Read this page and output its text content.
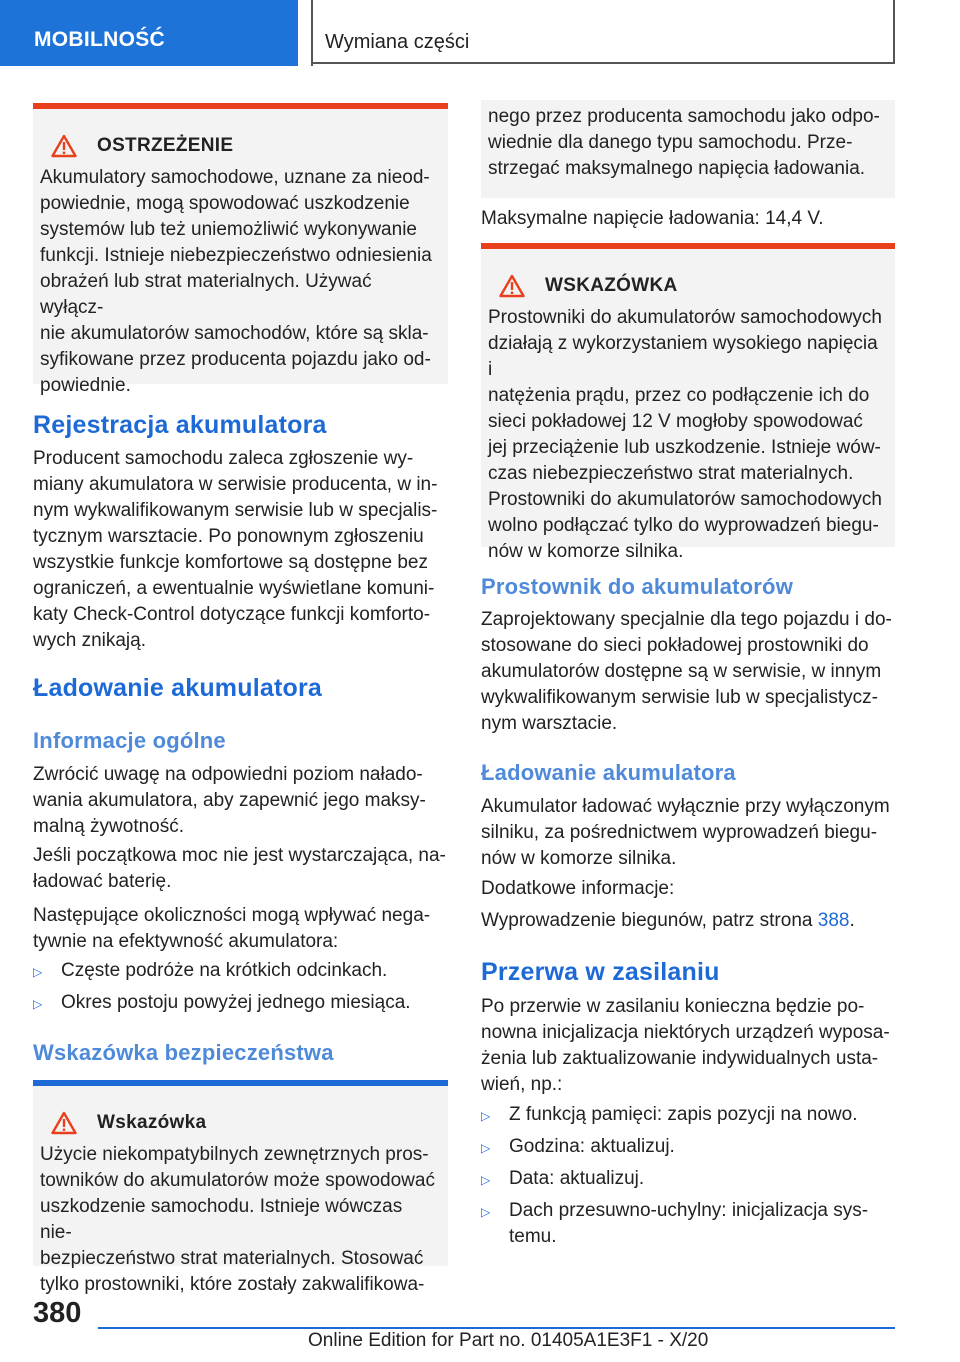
MOBILNOŚĆ	Wymiana części
OSTRZEŻENIE
Akumulatory samochodowe, uznane za nieod-
powiednie, mogą spowodować uszkodzenie
systemów lub też uniemożliwić wykonywanie
funkcji. Istnieje niebezpieczeństwo odniesienia
obrażeń lub strat materialnych. Używać wyłącz-
nie akumulatorów samochodów, które są skla-
syfikowane przez producenta pojazdu jako od-
powiednie.
Rejestracja akumulatora
Producent samochodu zaleca zgłoszenie wy-
miany akumulatora w serwisie producenta, w in-
nym wykwalifikowanym serwisie lub w specjalis-
tycznym warsztacie. Po ponownym zgłoszeniu
wszystkie funkcje komfortowe są dostępne bez
ograniczeń, a ewentualnie wyświetlane komuni-
katy Check-Control dotyczące funkcji komforto-
wych znikają.
Ładowanie akumulatora
Informacje ogólne
Zwrócić uwagę na odpowiedni poziom nałado-
wania akumulatora, aby zapewnić jego maksy-
malną żywotność.
Jeśli początkowa moc nie jest wystarczająca, na-
ładować baterię.
Następujące okoliczności mogą wpływać nega-
tywnie na efektywność akumulatora:
▷ Częste podróże na krótkich odcinkach.
▷ Okres postoju powyżej jednego miesiąca.
Wskazówka bezpieczeństwa
Wskazówka
Użycie niekompatybilnych zewnętrznych pros-
towników do akumulatorów może spowodować
uszkodzenie samochodu. Istnieje wówczas nie-
bezpieczeństwo strat materialnych. Stosować
tylko prostowniki, które zostały zakwalifikowa-
nego przez producenta samochodu jako odpo-
wiednie dla danego typu samochodu. Prze-
strzegać maksymalnego napięcia ładowania.
Maksymalne napięcie ładowania: 14,4 V.
WSKAZÓWKA
Prostowniki do akumulatorów samochodowych
działają z wykorzystaniem wysokiego napięcia i
natężenia prądu, przez co podłączenie ich do
sieci pokładowej 12 V mogłoby spowodować
jej przeciążenie lub uszkodzenie. Istnieje wów-
czas niebezpieczeństwo strat materialnych.
Prostowniki do akumulatorów samochodowych
wolno podłączać tylko do wyprowadzeń biegu-
nów w komorze silnika.
Prostownik do akumulatorów
Zaprojektowany specjalnie dla tego pojazdu i do-
stosowane do sieci pokładowej prostowniki do
akumulatorów dostępne są w serwisie, w innym
wykwalifikowanym serwisie lub w specjalistycz-
nym warsztacie.
Ładowanie akumulatora
Akumulator ładować wyłącznie przy wyłączonym
silniku, za pośrednictwem wyprowadzeń biegu-
nów w komorze silnika.
Dodatkowe informacje:
Wyprowadzenie biegunów, patrz strona 388.
Przerwa w zasilaniu
Po przerwie w zasilaniu konieczna będzie po-
nowna inicjalizacja niektórych urządzeń wyposa-
żenia lub zaktualizowanie indywidualnych usta-
wień, np.:
▷ Z funkcją pamięci: zapis pozycji na nowo.
▷ Godzina: aktualizuj.
▷ Data: aktualizuj.
▷ Dach przesuwno-uchylny: inicjalizacja sys-
temu.
380
Online Edition for Part no. 01405A1E3F1 - X/20
